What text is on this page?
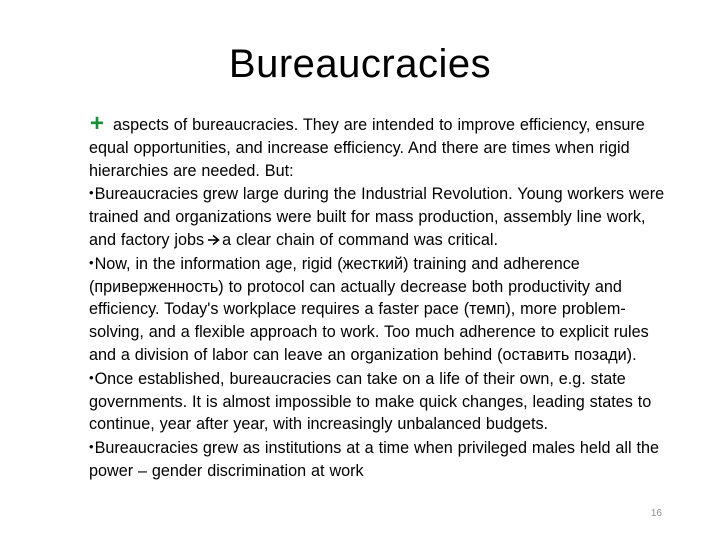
Bureaucracies

+ aspects of bureaucracies. They are intended to improve efficiency, ensure equal opportunities, and increase efficiency. And there are times when rigid hierarchies are needed. But:

•Bureaucracies grew large during the Industrial Revolution. Young workers were trained and organizations were built for mass production, assembly line work, and factory jobs a clear chain of command was critical.

•Now, in the information age, rigid (жесткий) training and adherence (приверженность) to protocol can actually decrease both productivity and efficiency. Today's workplace requires a faster pace (темп), more problem-solving, and a flexible approach to work. Too much adherence to explicit rules and a division of labor can leave an organization behind (оставить позади).

•Once established, bureaucracies can take on a life of their own, e.g. state governments. It is almost impossible to make quick changes, leading states to continue, year after year, with increasingly unbalanced budgets.

•Bureaucracies grew as institutions at a time when privileged males held all the power – gender discrimination at work

16
